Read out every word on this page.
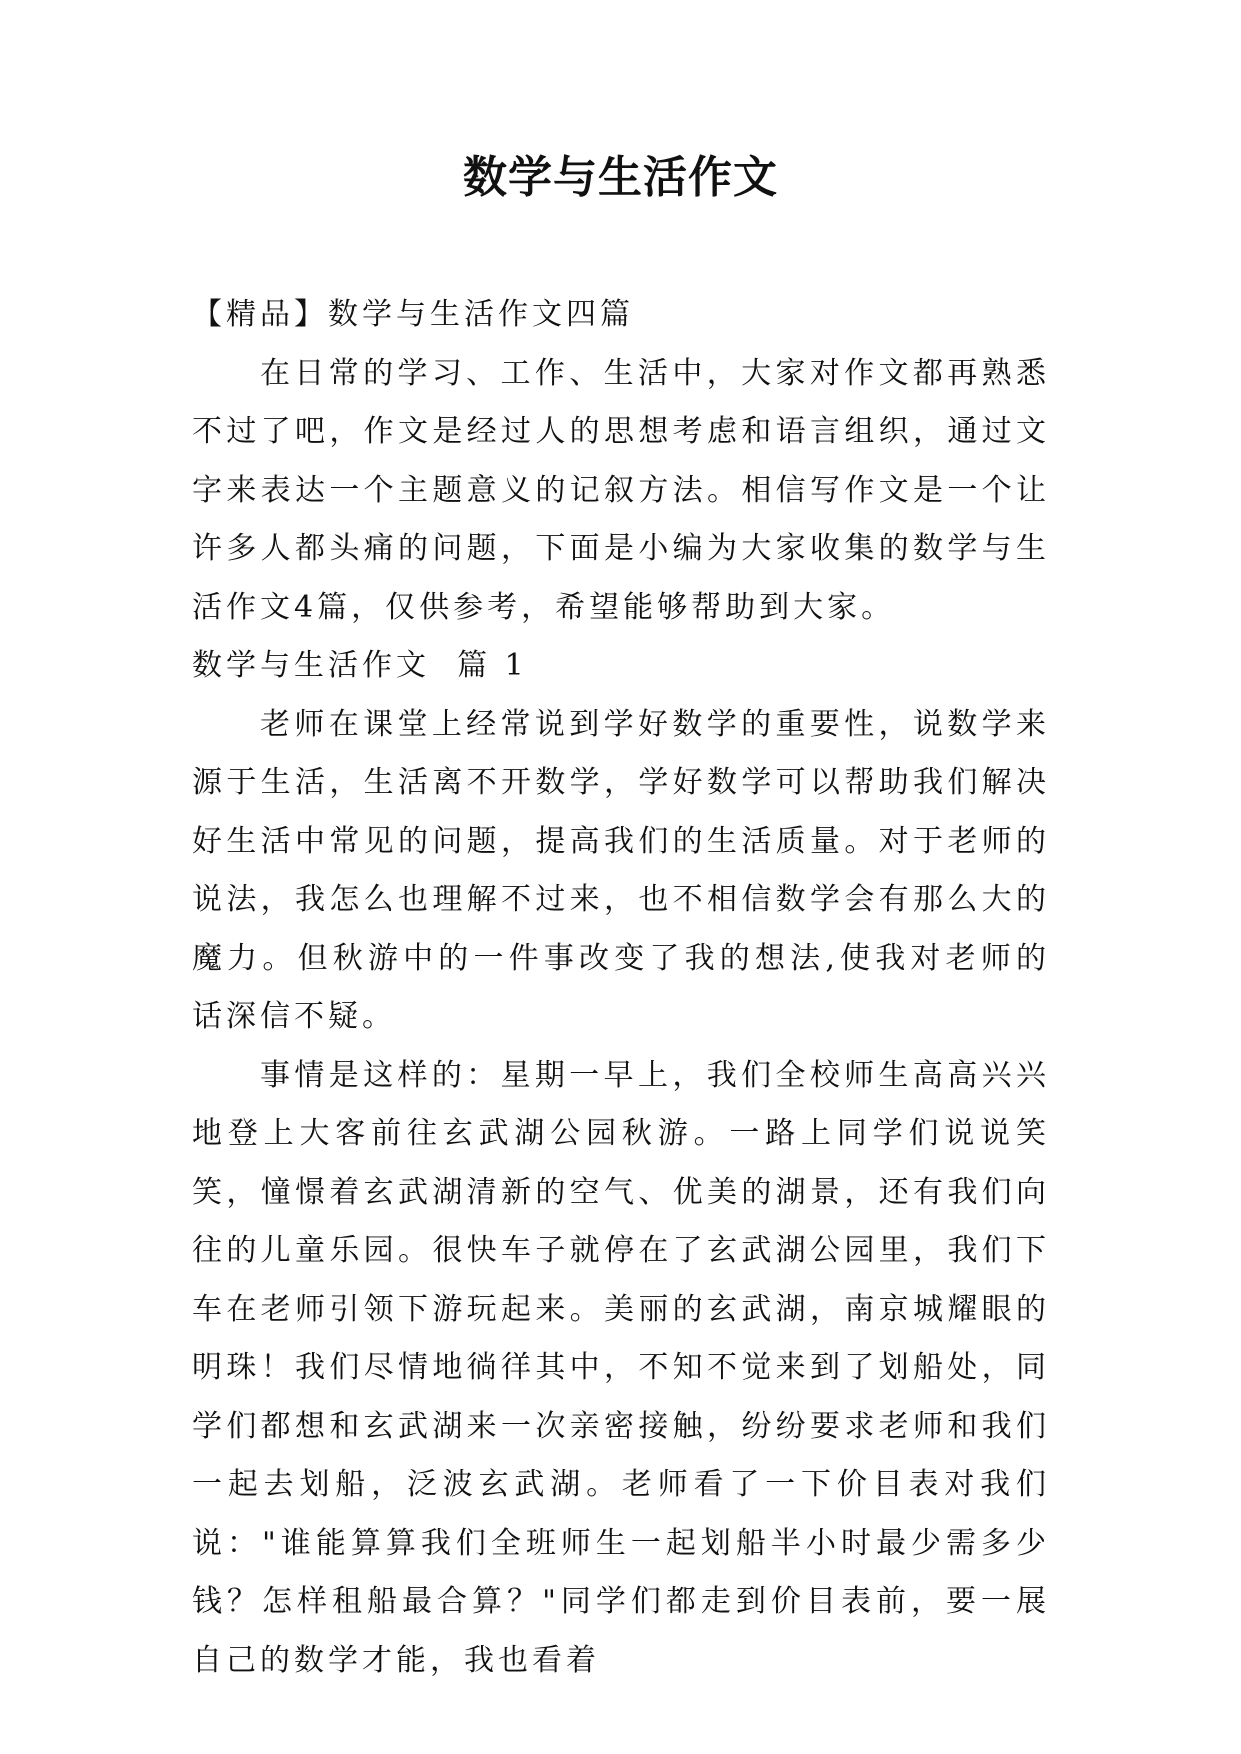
数学与生活作文

【精品】数学与生活作文四篇

在日常的学习、工作、生活中，大家对作文都再熟悉不过了吧，作文是经过人的思想考虑和语言组织，通过文字来表达一个主题意义的记叙方法。相信写作文是一个让许多人都头痛的问题，下面是小编为大家收集的数学与生活作文4篇，仅供参考，希望能够帮助到大家。

数学与生活作文  篇 1

老师在课堂上经常说到学好数学的重要性，说数学来源于生活，生活离不开数学，学好数学可以帮助我们解决好生活中常见的问题，提高我们的生活质量。对于老师的说法，我怎么也理解不过来，也不相信数学会有那么大的魔力。但秋游中的一件事改变了我的想法,使我对老师的话深信不疑。

事情是这样的：星期一早上，我们全校师生高高兴兴地登上大客前往玄武湖公园秋游。一路上同学们说说笑笑，憧憬着玄武湖清新的空气、优美的湖景，还有我们向往的儿童乐园。很快车子就停在了玄武湖公园里，我们下车在老师引领下游玩起来。美丽的玄武湖，南京城耀眼的明珠！我们尽情地徜徉其中，不知不觉来到了划船处，同学们都想和玄武湖来一次亲密接触，纷纷要求老师和我们一起去划船，泛波玄武湖。老师看了一下价目表对我们说："谁能算算我们全班师生一起划船半小时最少需多少钱？怎样租船最合算？"同学们都走到价目表前，要一展自己的数学才能，我也看着
